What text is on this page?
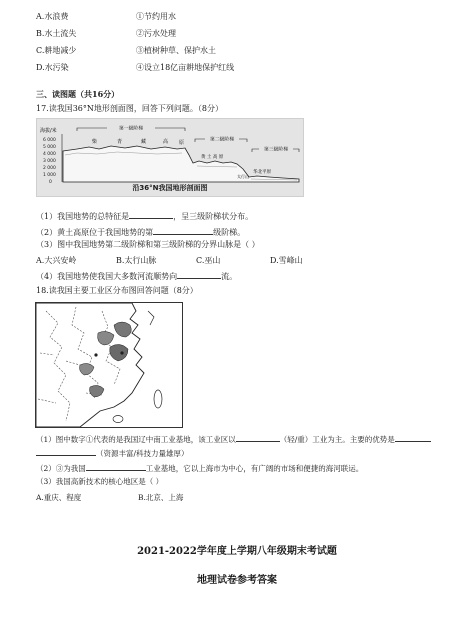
A.水浪费	①节约用水
B.水土流失	②污水处理
C.耕地减少	③植树种草、保护水土
D.水污染	④设立18亿亩耕地保护红线
三、读图题（共16分）
17.读我国36°N地形剖面图，回答下列问题。（8分）
海拔/米
6 000
5 000
4 000
3 000
2 000
1 000
0
第一级阶梯
第二级阶梯
第三级阶梯
柴	青	藏	高 原
黄 土 高 原
华北平原
太行山
沿36°N我国地形剖面图
（1）我国地势的总特征是	，呈三级阶梯状分布。
（2）黄土高原位于我国地势的第	级阶梯。
（3）图中我国地势第二级阶梯和第三级阶梯的分界山脉是（ ）
A.大兴安岭	B.太行山脉	C.巫山	D.雪峰山
（4）我国地势使我国大多数河流顺势向	流。
18.读我国主要工业区分布图回答问题（8分）
（1）图中数字①代表的是我国辽中南工业基地，该工业区以	（轻/重）工业为主。主要的优势是
（资源丰富/科技力量雄厚）
（2）③为我国	工业基地，它以上海市为中心，有广阔的市场和便捷的海河联运。
（3）我国高新技术的核心地区是（ ）
A.重庆、程度	B.北京、上海
2021-2022学年度上学期八年级期末考试题
地理试卷参考答案
